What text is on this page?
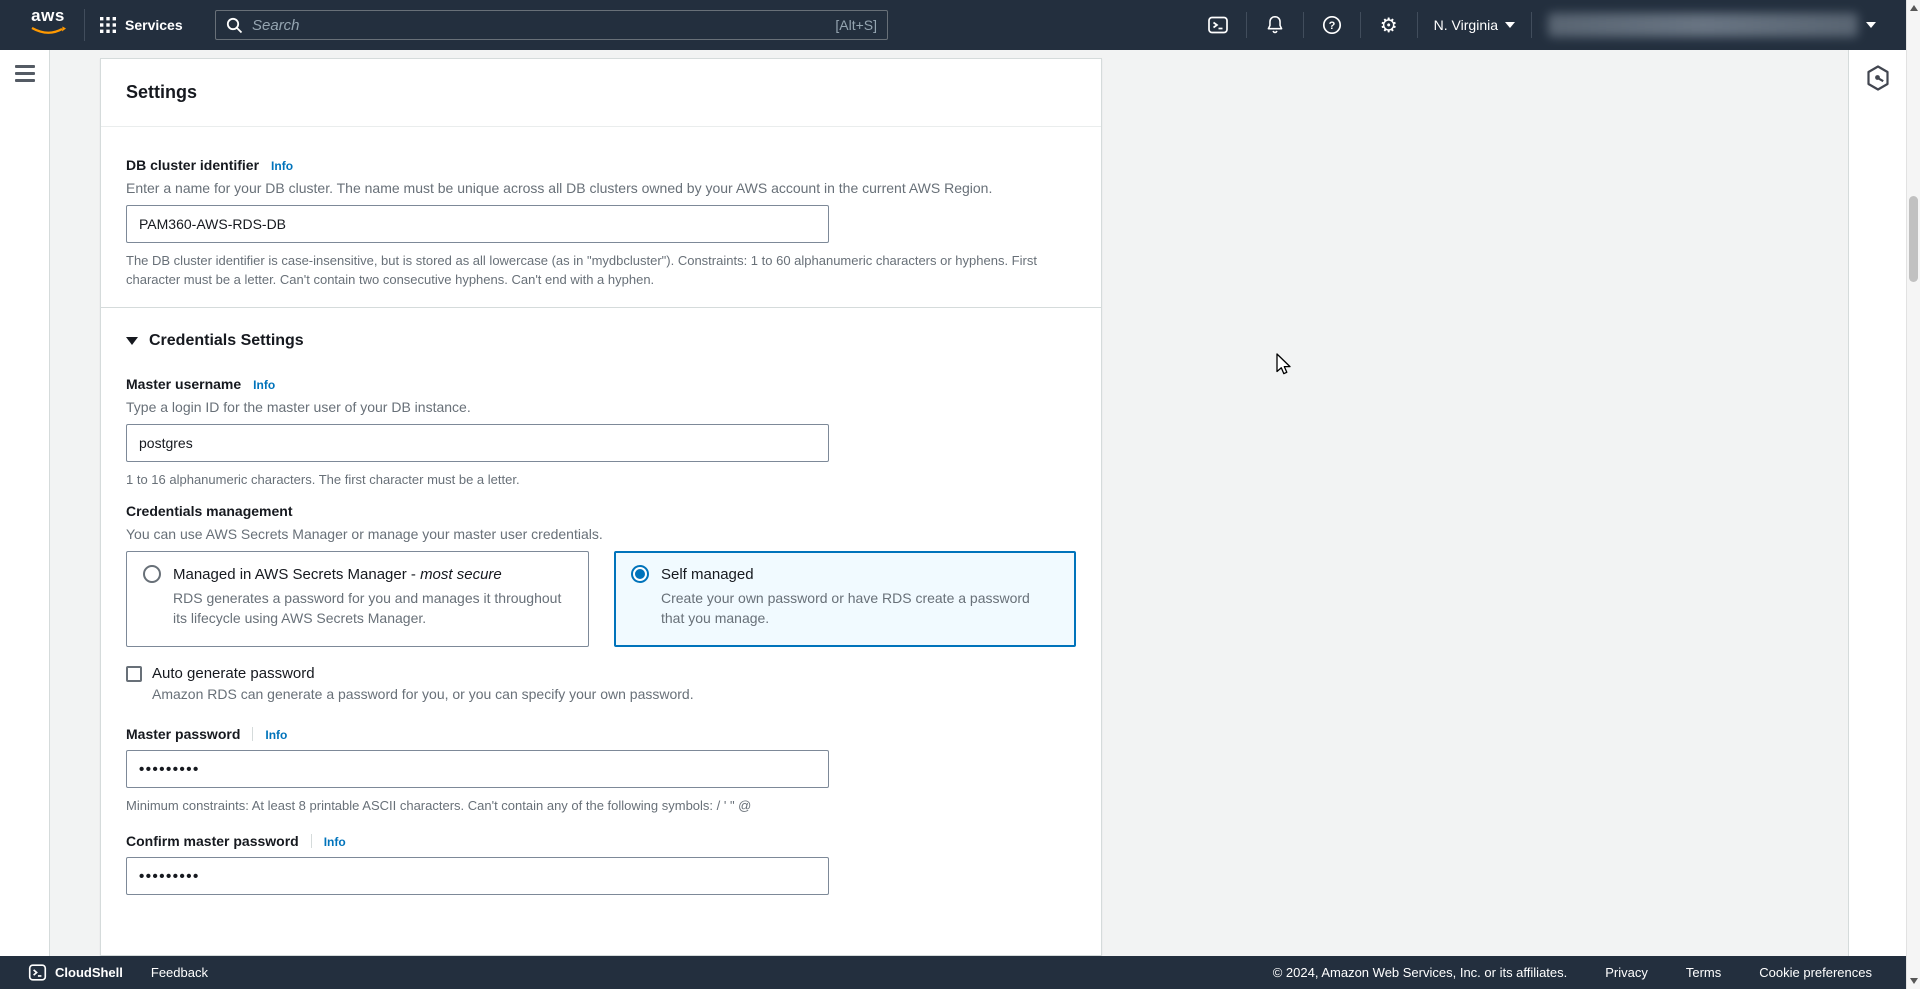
aws	Services
Search	[Alt+S]	? ⚙	N. Virginia
Settings
DB cluster identifier Info
Enter a name for your DB cluster. The name must be unique across all DB clusters owned by your AWS account in the current AWS Region.
PAM360-AWS-RDS-DB
The DB cluster identifier is case-insensitive, but is stored as all lowercase (as in "mydbcluster"). Constraints: 1 to 60 alphanumeric characters or hyphens. First character must be a letter. Can't contain two consecutive hyphens. Can't end with a hyphen.
Credentials Settings
Master username Info
Type a login ID for the master user of your DB instance.
postgres
1 to 16 alphanumeric characters. The first character must be a letter.
Credentials management
You can use AWS Secrets Manager or manage your master user credentials.
Managed in AWS Secrets Manager - most secure
RDS generates a password for you and manages it throughout its lifecycle using AWS Secrets Manager.
Self managed
Create your own password or have RDS create a password that you manage.
Auto generate password
Amazon RDS can generate a password for you, or you can specify your own password.
Master password Info
•••••••••
Minimum constraints: At least 8 printable ASCII characters. Can't contain any of the following symbols: / ' " @
Confirm master password Info
•••••••••
CloudShell Feedback	© 2024, Amazon Web Services, Inc. or its affiliates.	Privacy	Terms	Cookie preferences
